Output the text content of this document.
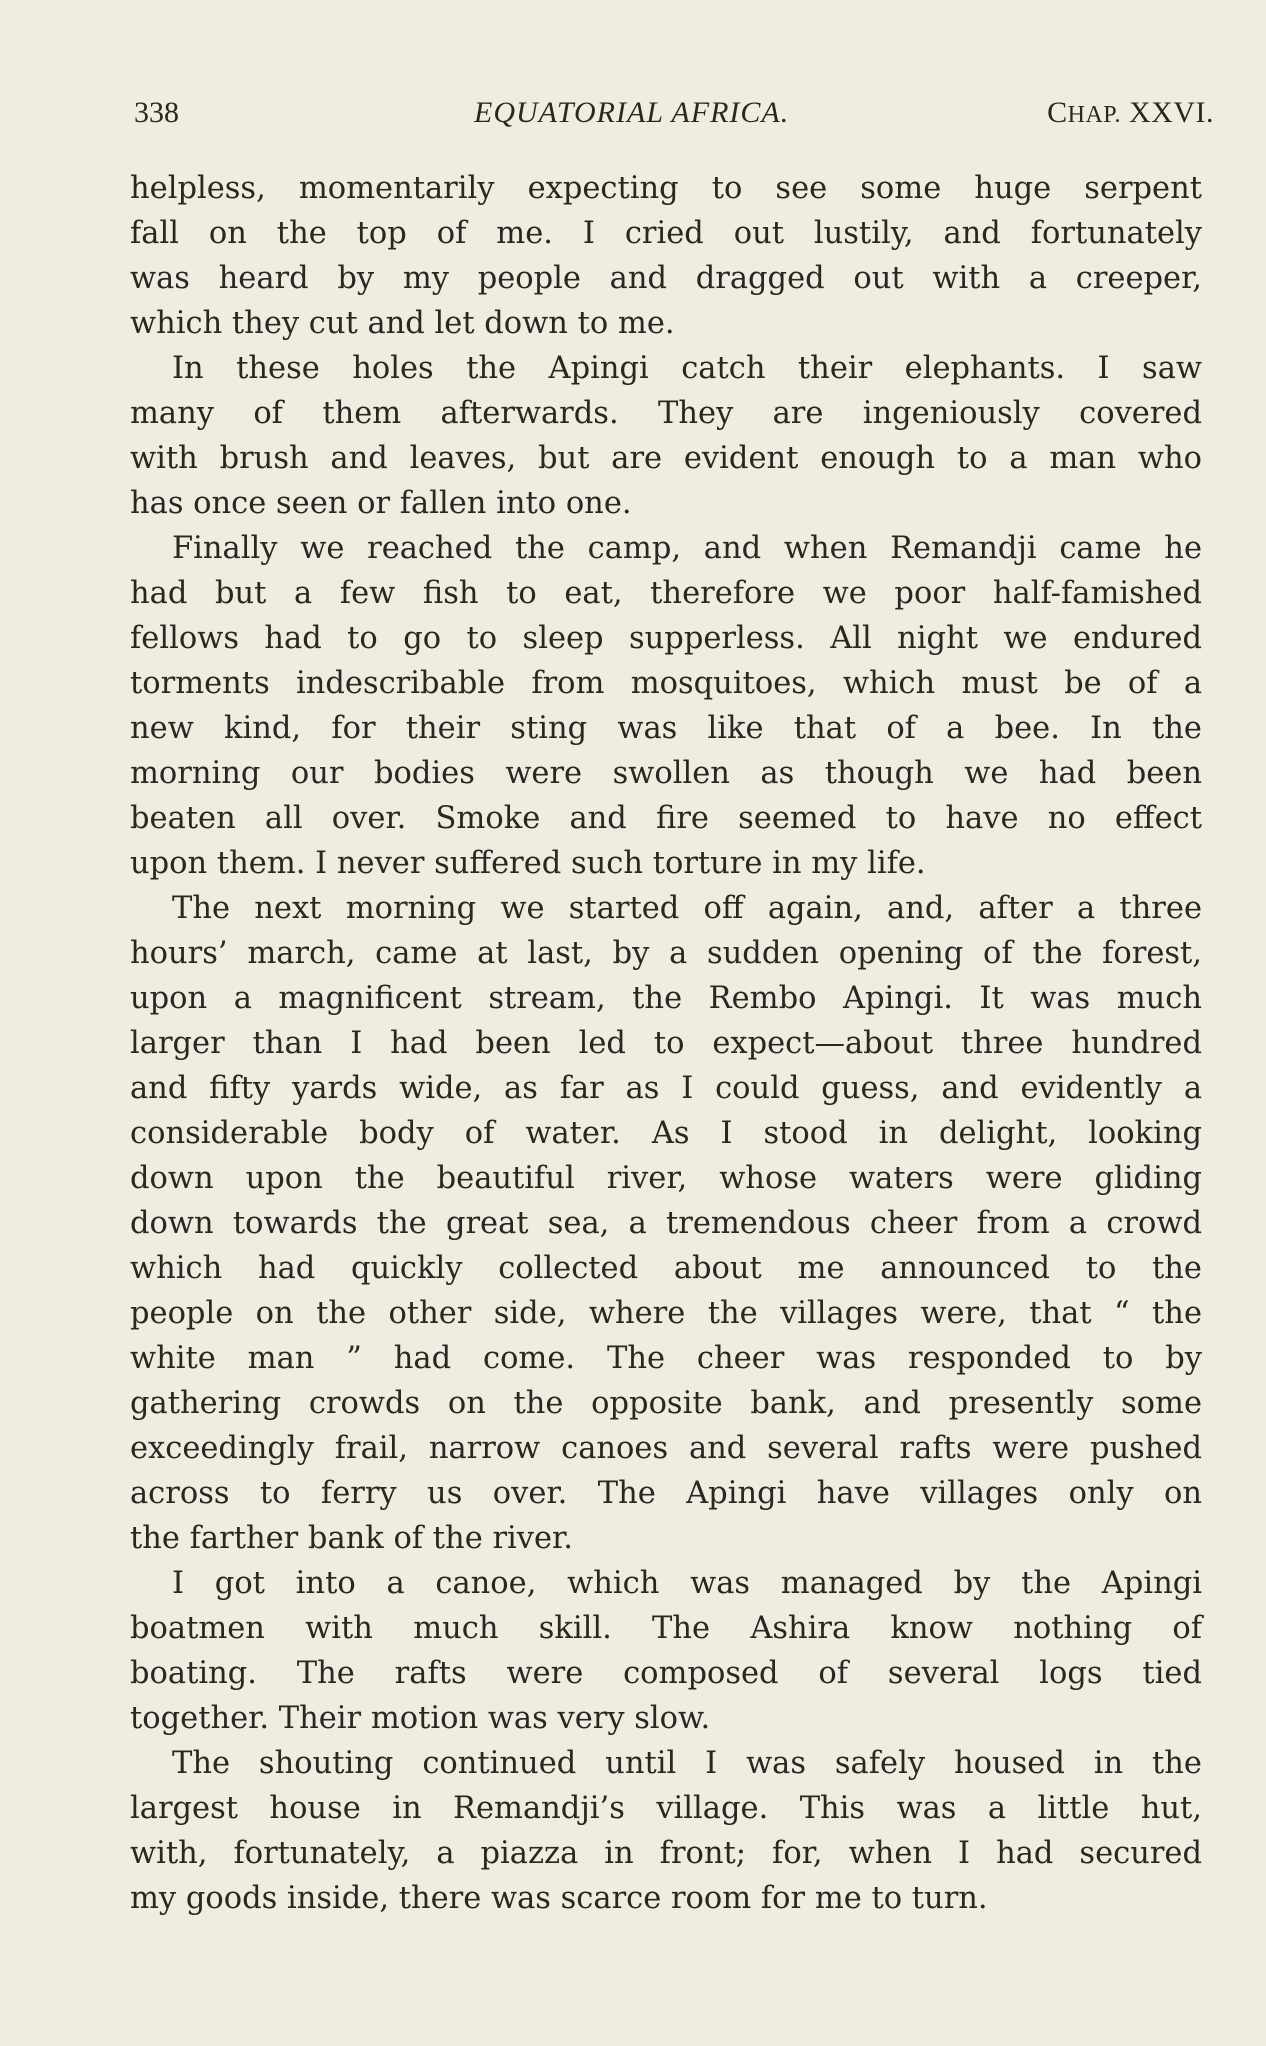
338	EQUATORIAL AFRICA.	CHAP. XXVI.
helpless, momentarily expecting to see some huge serpent
fall on the top of me. I cried out lustily, and fortunately
was heard by my people and dragged out with a creeper,
which they cut and let down to me.
In these holes the Apingi catch their elephants. I saw
many of them afterwards. They are ingeniously covered
with brush and leaves, but are evident enough to a man who
has once seen or fallen into one.
Finally we reached the camp, and when Remandji came he
had but a few fish to eat, therefore we poor half-famished
fellows had to go to sleep supperless. All night we endured
torments indescribable from mosquitoes, which must be of a
new kind, for their sting was like that of a bee. In the
morning our bodies were swollen as though we had been
beaten all over. Smoke and fire seemed to have no effect
upon them. I never suffered such torture in my life.
The next morning we started off again, and, after a three
hours’ march, came at last, by a sudden opening of the forest,
upon a magnificent stream, the Rembo Apingi. It was much
larger than I had been led to expect—about three hundred
and fifty yards wide, as far as I could guess, and evidently a
considerable body of water. As I stood in delight, looking
down upon the beautiful river, whose waters were gliding
down towards the great sea, a tremendous cheer from a crowd
which had quickly collected about me announced to the
people on the other side, where the villages were, that “ the
white man ” had come. The cheer was responded to by
gathering crowds on the opposite bank, and presently some
exceedingly frail, narrow canoes and several rafts were pushed
across to ferry us over. The Apingi have villages only on
the farther bank of the river.
I got into a canoe, which was managed by the Apingi
boatmen with much skill. The Ashira know nothing of
boating. The rafts were composed of several logs tied
together. Their motion was very slow.
The shouting continued until I was safely housed in the
largest house in Remandji’s village. This was a little hut,
with, fortunately, a piazza in front; for, when I had secured
my goods inside, there was scarce room for me to turn.
